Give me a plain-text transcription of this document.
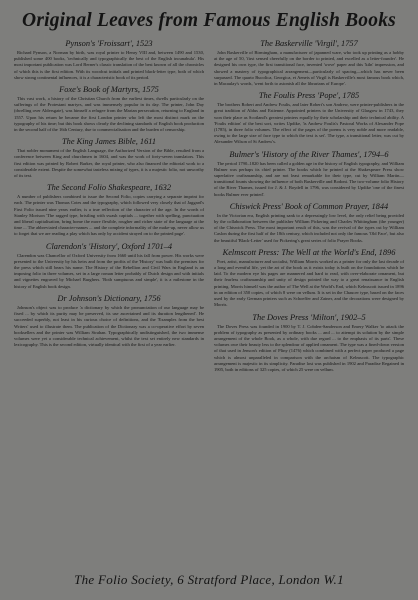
Original Leaves from Famous English Books
Pynson's 'Froissart', 1523

Richard Pynson, a Norman by birth, was royal printer to Henry VIII and, between 1490 and 1530, published some 400 books, 'technically and typographically the best of the English incunabula'. His most important publication was Lord Berner's classic translation of the best known of all the chronicles of which this is the first edition. With its woodcut initials and printed black-letter type, both of which show strong continental influences, it is a characteristic book of its period.

Foxe's Book of Martyrs, 1575

This vast work, a history of the Christian Church from the earliest times, dwells particularly on the sufferings of the Protestant martyrs, and was immensely popular in its day. The printer, John Day (dwelling over Aldersgate), was himself a refugee from the Marian persecution, returning to England in 1557. Upon his return he became the first London printer who left the most distinct mark on the typography of his time; but this book shows clearly the declining standards of English book production in the second half of the 16th Century, due to commercialisation and the burden of censorship.

The King James Bible, 1611

That nobler monument of the English Language, the Authorized Version of the Bible, resulted from a conference between King and churchmen in 1604, and was the work of forty-seven translators. This first edition was printed by Robert Barker, the royal printer, who also financed the editorial work to a considerable extent. Despite the somewhat tasteless mixing of types, it is a majestic folio, not unworthy of its text.

The Second Folio Shakespeare, 1632

A number of publishers combined to issue the Second Folio, copies carrying a separate imprint for each. The printer was Thomas Cotes and the typography, which followed very closely that of Jaggard's First Folio issued nine years earlier, is a true reflection of the character of the age. In the words of Stanley Morison 'The ragged type, bristling with swash capitals ... together with spelling, punctuation and liberal capitalisation, bring home the more flexible, rougher and richer state of the language at the time ... The abbreviated character-names ... and the complete informality of the make-up, never allow us to forget that we are reading a play which has only by accident strayed on to the printed page'.

Clarendon's 'History', Oxford 1701–4

Clarendon was Chancellor of Oxford University from 1660 until his fall from power. His works were presented to the University by his heirs and from the profits of the 'History' was built the premises for the press which still bears his name. The History of the Rebellion and Civil Wars in England is an imposing folio in three volumes, set in a large roman letter probably of Dutch design and with initials and vignettes engraved by Michael Burghers. 'Both sumptuous and simple', it is a milestone in the history of English book design.

Dr Johnson's Dictionary, 1756

Johnson's object was to produce 'a dictionary by which the pronunciation of our language may be fixed ... by which its purity may be preserved, its use ascertained and its duration lengthened'. He succeeded superbly, not least in his curious choice of definitions, and the 'Examples from the best Writers' used to illustrate them. The publication of the Dictionary was a co-operative effort by seven booksellers and the printer was William Strahan. Typographically undistinguished, the two immense volumes were yet a considerable technical achievement, whilst the text set entirely new standards in lexicography. This is the second edition, virtually identical with the first of a year earlier.

The Baskerville 'Virgil', 1757

John Baskerville of Birmingham, a manufacturer of japanned ware, who took up printing as a hobby at the age of 50, 'first sensed cheerfully on the border to printed, and excelled as a letter-founder'. He designed his own type, the first transitional face, invented 'wove' paper and this 'kiln' impression, and showed a mastery of typographical arrangement—particularly of spacing—which has never been surpassed. The quarto Bucolica, Georgica, et Aeneis of Virgil is Baskerville's most famous book which, in Macaulay's words, 'went forth to astonish all the librarians of Europe'.

The Foulis Press 'Pope', 1785

The brothers Robert and Andrew Foulis, and later Robert's son Andrew, were printer-publishers in the great tradition of Aldus and Estienne. Appointed printers to the University of Glasgow in 1743, they won their place as Scotland's greatest printers equally by their scholarship and their technical ability. A 'Foulis edition' of the best sort, writes Updike, 'is Andrew Foulis's Pastoral Works of Alexander Pope (1785), in three folio volumes. The effect of the pages of the poems is very noble and more readable, owing to the large size of face type to which the text is set'. The type, a transitional letter, was cut by Alexander Wilson of St Andrew's.

Bulmer's 'History of the River Thames', 1794–6

The period 1790–1820 has been called a golden age in the history of English typography, and William Bulmer was perhaps its chief printer. The books which he printed at the Shakespeare Press show superlative craftsmanship, and are not least remarkable for their type, cut by William Martin—transitional founts showing the influence of both Baskerville and Bodoni. The two-volume folio History of the River Thames, issued for J. & J. Boydell in 1796, was considered by Updike 'one of the finest books Bulmer ever printed'.

Chiswick Press' Book of Common Prayer, 1844

In the Victorian era, English printing sank to a depressingly low level, the only relief being provided by the collaboration between the publisher William Pickering and Charles Whittingham (the younger) of the Chiswick Press. The most important result of this, was the revival of the types cut by William Caslon during the first half of the 18th century, which included not only the famous 'Old Face', but also the beautiful 'Black-Letter' used for Pickering's great series of folio Prayer Books.

Kelmscott Press: The Well at the World's End, 1896

Poet, artist, manufacturer and socialist, William Morris worked as a printer for only the last decade of a long and eventful life, yet the art of the book as it exists today is built on the foundations which he laid. To the modern eye his pages are mannered and hard to read, with over-elaborate ornament, but their fearless craftsmanship and unity of design pointed the way to a great renaissance in English printing. Morris himself was the author of The Well at the World's End, which Kelmscott issued in 1896 in an edition of 350 copies, of which 8 were on vellum. It is set in the Chaucer type, based on the faces used by the early German printers such as Schoeffer and Zainer, and the decorations were designed by Morris.

The Doves Press 'Milton', 1902–5

The Doves Press was founded in 1900 by T. J. Cobden-Sanderson and Emery Walker 'to attack the problem of typography as presented by ordinary books ... and ... to attempt its solution by the simple arrangement of the whole Book, as a whole, with due regard ... to the emphasis of its parts'. These volumes owe their beauty less to the splendour of applied ornament. The type was a fined-down version of that used in Jenson's edition of Pliny (1476) which combined with a perfect paper produced a page which is almost unparalleled in comparison with the archaism of Kelmscott. The typographic arrangement is majestic in its simplicity. Paradise lost was published in 1902 and Paradise Regained in 1905, both in editions of 325 copies, of which 25 were on vellum.

The Folio Society, 6 Stratford Place, London W.1
